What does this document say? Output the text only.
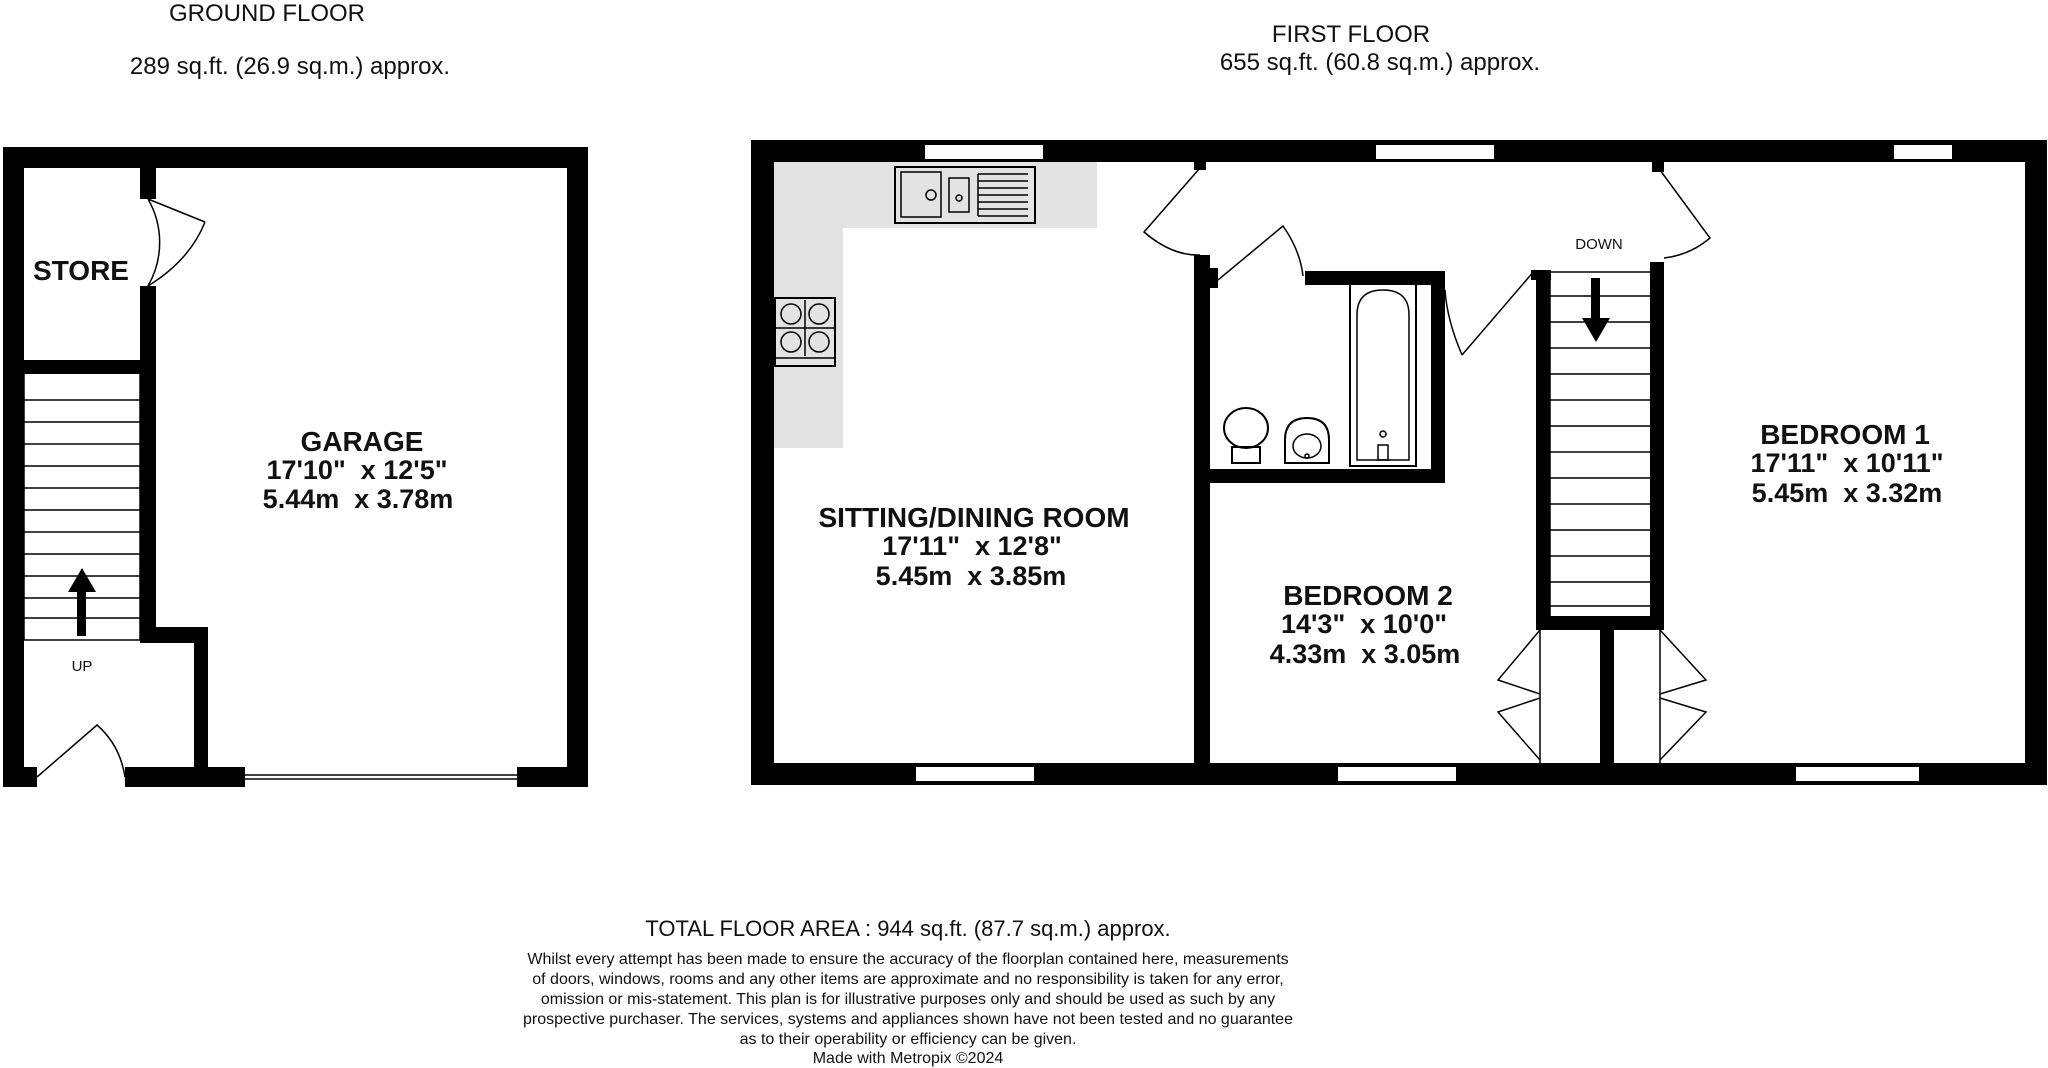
GROUND FLOOR
289 sq.ft. (26.9 sq.m.) approx.
FIRST FLOOR
655 sq.ft. (60.8 sq.m.) approx.
UP
STORE
GARAGE
17'10"  x 12'5"
5.44m  x 3.78m
DOWN
SITTING/DINING ROOM
17'11"  x 12'8"
5.45m  x 3.85m
BEDROOM 2
14'3"  x 10'0"
4.33m  x 3.05m
BEDROOM 1
17'11"  x 10'11"
5.45m  x 3.32m
TOTAL FLOOR AREA : 944 sq.ft. (87.7 sq.m.) approx.
Whilst every attempt has been made to ensure the accuracy of the floorplan contained here, measurements
of doors, windows, rooms and any other items are approximate and no responsibility is taken for any error,
omission or mis-statement. This plan is for illustrative purposes only and should be used as such by any
prospective purchaser. The services, systems and appliances shown have not been tested and no guarantee
as to their operability or efficiency can be given.
Made with Metropix ©2024
